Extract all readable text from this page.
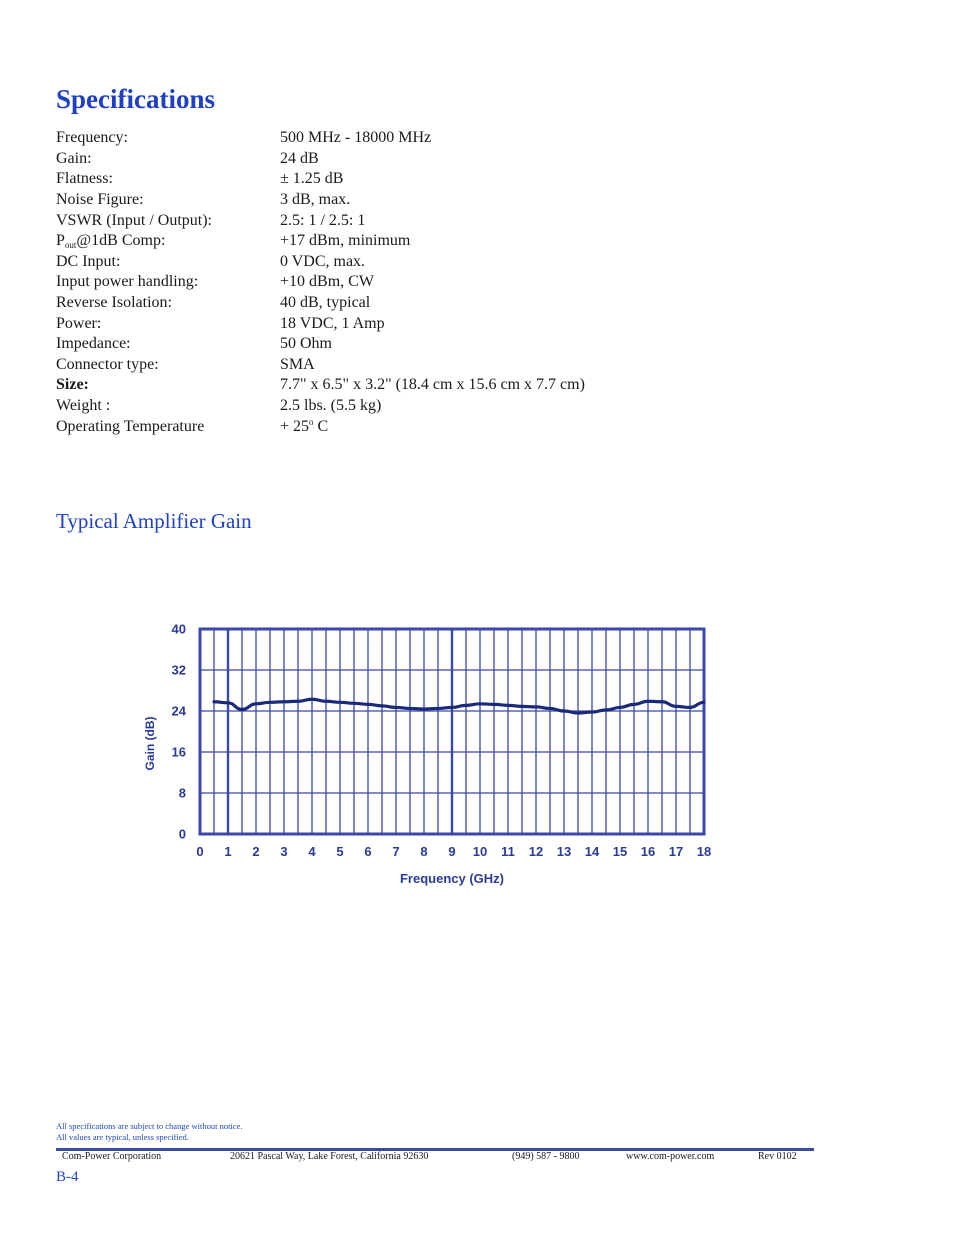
Specifications
Frequency:	500 MHz - 18000 MHz
Gain:	24 dB
Flatness:	± 1.25 dB
Noise Figure:	3 dB, max.
VSWR (Input / Output):	2.5: 1 / 2.5: 1
$P_{out}@1dB$ Comp:	+17 dBm, minimum
DC Input:	0 VDC, max.
Input power handling:	+10 dBm, CW
Reverse Isolation:	40 dB, typical
Power:	18 VDC, 1 Amp
Impedance:	50 Ohm
Connector type:	SMA
Size:	7.7" x 6.5" x 3.2" (18.4 cm x 15.6 cm x 7.7 cm)
Weight :	2.5 lbs. (5.5 kg)
Operating Temperature	+ $25^o$ C
Typical Amplifier Gain
0
8
16
24
32
40
0 1 2 3 4 5 6 7 8 9 10 11 12 13 14 15 16 17 18
Frequency (GHz)
Gain (dB)
All specifications are subject to change without notice.
All values are typical, unless specified.
Com-Power Corporation	20621 Pascal Way, Lake Forest, California 92630	(949) 587 - 9800	www.com-power.com	Rev 0102
B-4
